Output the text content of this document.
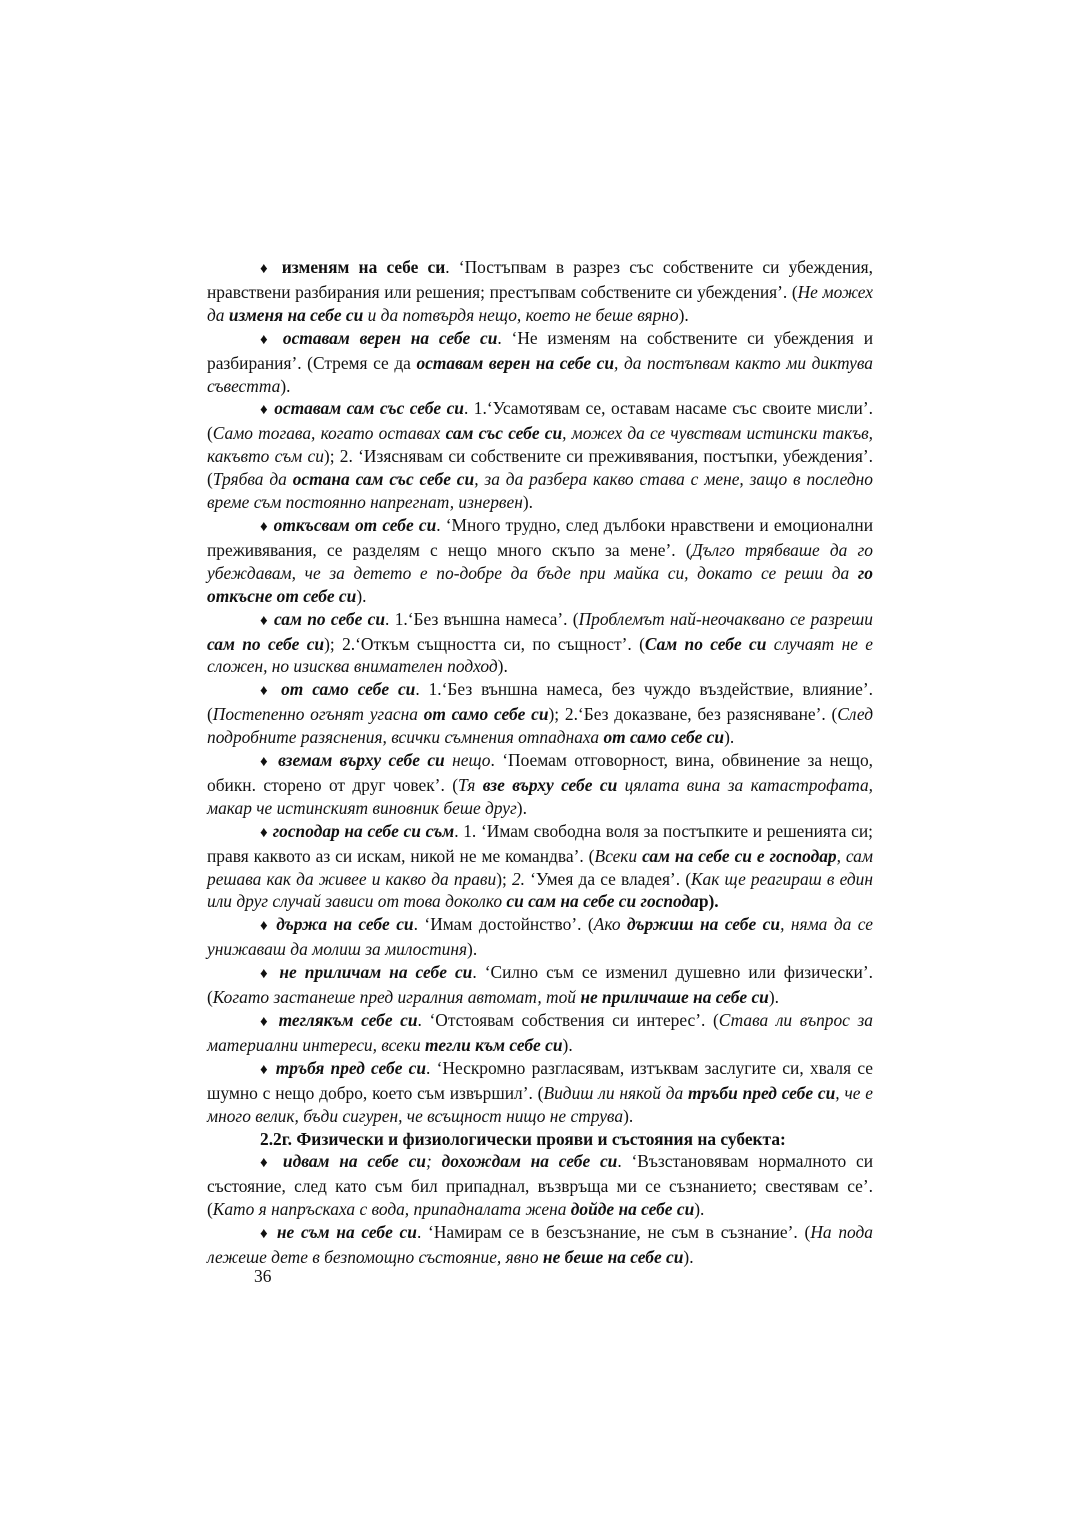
♦ изменям на себе си. ‘Постъпвам в разрез със собствените си убеждения, нравствени разбирания или решения; престъпвам собствените си убеждения’. (Не можех да изменя на себе си и да потвърдя нещо, което не беше вярно).

♦ оставам верен на себе си. ‘Не изменям на собствените си убеждения и разбирания’. (Стремя се да оставам верен на себе си, да постъпвам както ми диктува съвестта).

♦ оставам сам със себе си. 1.‘Усамотявам се, оставам насаме със своите мисли’. (Само тогава, когато оставах сам със себе си, можех да се чувствам истински такъв, какъвто съм си); 2. ‘Изяснявам си собствените си преживявания, постъпки, убеждения’. (Трябва да остана сам със себе си, за да разбера какво става с мене, защо в последно време съм постоянно напрегнат, изнервен).

♦ откъсвам от себе си. ‘Много трудно, след дълбоки нравствени и емоционални преживявания, се разделям с нещо много скъпо за мене’. (Дълго трябваше да го убеждавам, че за детето е по-добре да бъде при майка си, докато се реши да го откъсне от себе си).

♦ сам по себе си. 1.‘Без външна намеса’. (Проблемът най-неочаквано се разреши сам по себе си); 2.‘Откъм същността си, по същност’. (Сам по себе си случаят не е сложен, но изисква внимателен подход).

♦ от само себе си. 1.‘Без външна намеса, без чуждо въздействие, влияние’. (Постепенно огънят угасна от само себе си); 2.‘Без доказване, без разясняване’. (След подробните разяснения, всички съмнения отпаднаха от само себе си).

♦ вземам върху себе си нещо. ‘Поемам отговорност, вина, обвинение за нещо, обикн. сторено от друг човек’. (Тя взе върху себе си цялата вина за катастрофата, макар че истинският виновник беше друг).

♦ господар на себе си съм. 1. ‘Имам свободна воля за постъпките и решенията си; правя каквото аз си искам, никой не ме командва’. (Всеки сам на себе си е господар, сам решава как да живее и какво да прави); 2. ‘Умея да се владея’. (Как ще реагираш в един или друг случай зависи от това доколко си сам на себе си господар).

♦ държа на себе си. ‘Имам достойнство’. (Ако държиш на себе си, няма да се унижаваш да молиш за милостиня).

♦ не приличам на себе си. ‘Силно съм се изменил душевно или физически’. (Когато застанеше пред игралния автомат, той не приличаше на себе си).

♦ теглякъм себе си. ‘Отстоявам собствения си интерес’. (Става ли въпрос за материални интереси, всеки тегли към себе си).

♦ тръбя пред себе си. ‘Нескромно разгласявам, изтъквам заслугите си, хваля се шумно с нещо добро, което съм извършил’. (Видиш ли някой да тръби пред себе си, че е много велик, бъди сигурен, че всъщност нищо не струва).

2.2г. Физически и физиологически прояви и състояния на субекта:

♦ идвам на себе си; дохождам на себе си. ‘Възстановявам нормалното си състояние, след като съм бил припаднал, възвръща ми се съзнанието; свестявам се’. (Като я напръскаха с вода, припадналата жена дойде на себе си).

♦ не съм на себе си. ‘Намирам се в безсъзнание, не съм в съзнание’. (На пода лежеше дете в безпомощно състояние, явно не беше на себе си).

36
